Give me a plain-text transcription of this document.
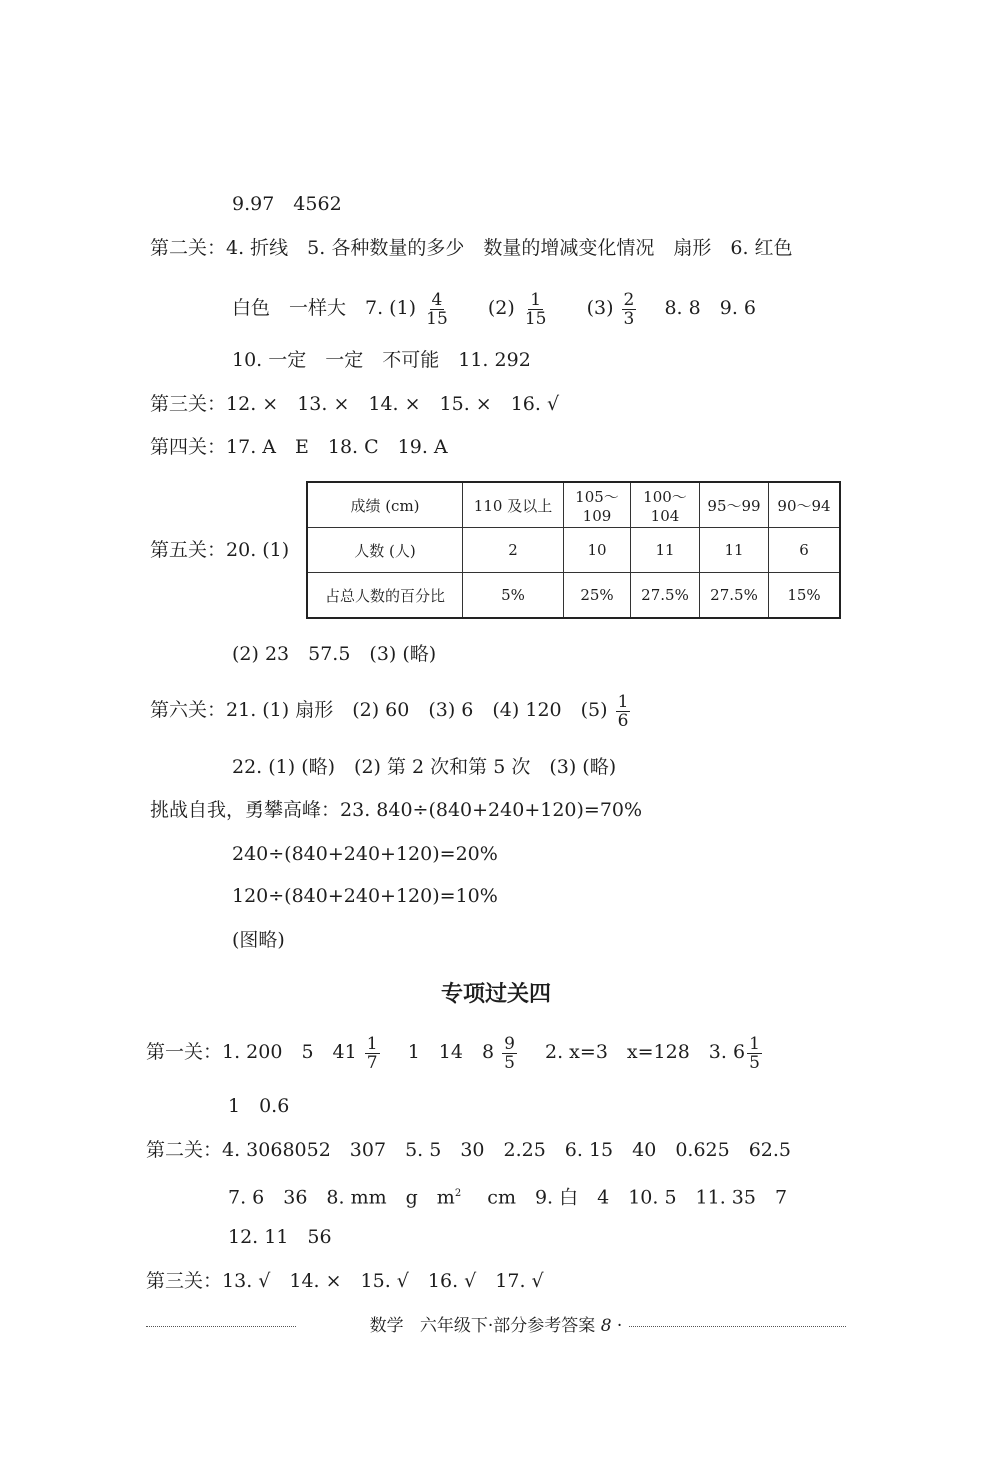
9.97　4562
第二关：4. 折线　5. 各种数量的多少　数量的增减变化情况　扇形　6. 红色
白色　一样大　7. $(1) \frac{4}{15} (2) \frac{1}{15} (3) \frac{2}{3} 8$. 8　9. 6
10. 一定　一定　不可能　11. 292
第三关：12. ×　13. ×　14. ×　15. ×　16. √
第四关：17. A　E　18. C　19. A
第五关：20. (1)
成绩 (cm)	110 及以上	105～109	100～104	95～99	90～94
人数 (人)	2	10	11	11	6
占总人数的百分比	5%	25%	27.5%	27.5%	15%
(2) 23　57.5　(3) (略)
第六关：21. (1) 扇形　(2) 60　(3) 6　(4) 120　$(5) \frac{1}{6}$
22. (1) (略)　(2) 第 2 次和第 5 次　(3) (略)
挑战自我，勇攀高峰：23. 840÷(840+240+120)=70%
240÷(840+240+120)=20%
120÷(840+240+120)=10%
(图略)
专项过关四
第一关：1. 200　5　$41 \frac{1}{7} 1$　14　$8 \frac{9}{5} 2$. x=3　x=128　3. $6 \frac{1}{5}$
1　0.6
第二关：4. 3068052　307　5. 5　30　2.25　6. 15　40　0.625　62.5
7. 6　36　8. mm　g　$m^2$ cm　9. 白　4　10. 5　11. 35　7
12. 11　56
第三关：13. √　14. ×　15. √　16. √　17. √
数学 六年级下·部分参考答案 8 ·
